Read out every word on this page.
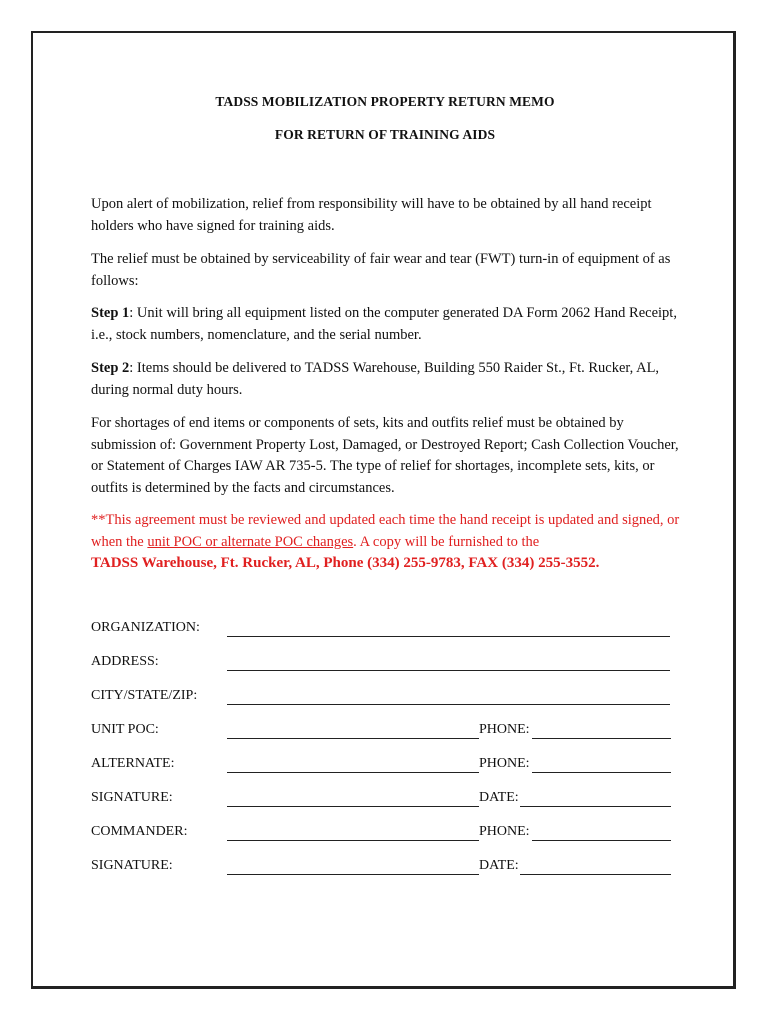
TADSS MOBILIZATION PROPERTY RETURN MEMO
FOR RETURN OF TRAINING AIDS
Upon alert of mobilization, relief from responsibility will have to be obtained by all hand receipt holders who have signed for training aids.
The relief must be obtained by serviceability of fair wear and tear (FWT) turn-in of equipment of as follows:
Step 1: Unit will bring all equipment listed on the computer generated DA Form 2062 Hand Receipt, i.e., stock numbers, nomenclature, and the serial number.
Step 2: Items should be delivered to TADSS Warehouse, Building 550 Raider St., Ft. Rucker, AL, during normal duty hours.
For shortages of end items or components of sets, kits and outfits relief must be obtained by submission of: Government Property Lost, Damaged, or Destroyed Report; Cash Collection Voucher, or Statement of Charges IAW AR 735-5. The type of relief for shortages, incomplete sets, kits, or outfits is determined by the facts and circumstances.
**This agreement must be reviewed and updated each time the hand receipt is updated and signed, or when the unit POC or alternate POC changes. A copy will be furnished to the
TADSS Warehouse, Ft. Rucker, AL, Phone (334) 255-9783, FAX (334) 255-3552.
ORGANIZATION:
ADDRESS:
CITY/STATE/ZIP:
UNIT POC:	PHONE:
ALTERNATE:	PHONE:
SIGNATURE:	DATE:
COMMANDER:	PHONE:
SIGNATURE:	DATE:
